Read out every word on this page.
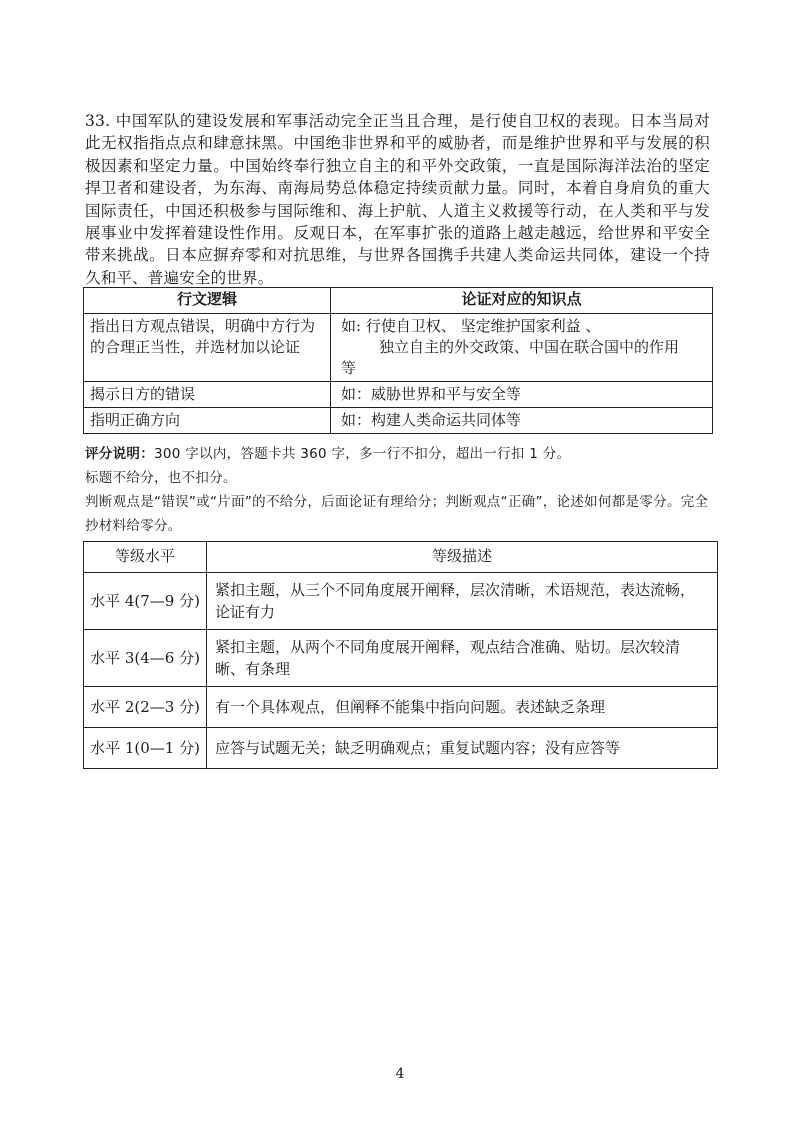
33. 中国军队的建设发展和军事活动完全正当且合理，是行使自卫权的表现。日本当局对此无权指指点点和肆意抹黑。中国绝非世界和平的威胁者，而是维护世界和平与发展的积极因素和坚定力量。中国始终奉行独立自主的和平外交政策，一直是国际海洋法治的坚定捍卫者和建设者，为东海、南海局势总体稳定持续贡献力量。同时，本着自身肩负的重大国际责任，中国还积极参与国际维和、海上护航、人道主义救援等行动，在人类和平与发展事业中发挥着建设性作用。反观日本，在军事扩张的道路上越走越远，给世界和平安全带来挑战。日本应摒弃零和对抗思维，与世界各国携手共建人类命运共同体，建设一个持久和平、普遍安全的世界。
行文逻辑	论证对应的知识点
指出日方观点错误，明确中方行为的合理正当性，并选材加以论证	如: 行使自卫权、 坚定维护国家利益 、
独立自主的外交政策、中国在联合国中的作用
等

揭示日方的错误	如：威胁世界和平与安全等
指明正确方向	如：构建人类命运共同体等
评分说明：300 字以内，答题卡共 360 字，多一行不扣分，超出一行扣 1 分。
标题不给分，也不扣分。
判断观点是“错误”或“片面”的不给分，后面论证有理给分；判断观点“正确”，论述如何都是零分。完全抄材料给零分。
等级水平	等级描述
水平 4(7—9 分)	紧扣主题，从三个不同角度展开阐释，层次清晰，术语规范，表达流畅，论证有力
水平 3(4—6 分)	紧扣主题，从两个不同角度展开阐释，观点结合准确、贴切。层次较清晰、有条理
水平 2(2—3 分)	有一个具体观点，但阐释不能集中指向问题。表述缺乏条理
水平 1(0—1 分)	应答与试题无关；缺乏明确观点；重复试题内容；没有应答等
4
